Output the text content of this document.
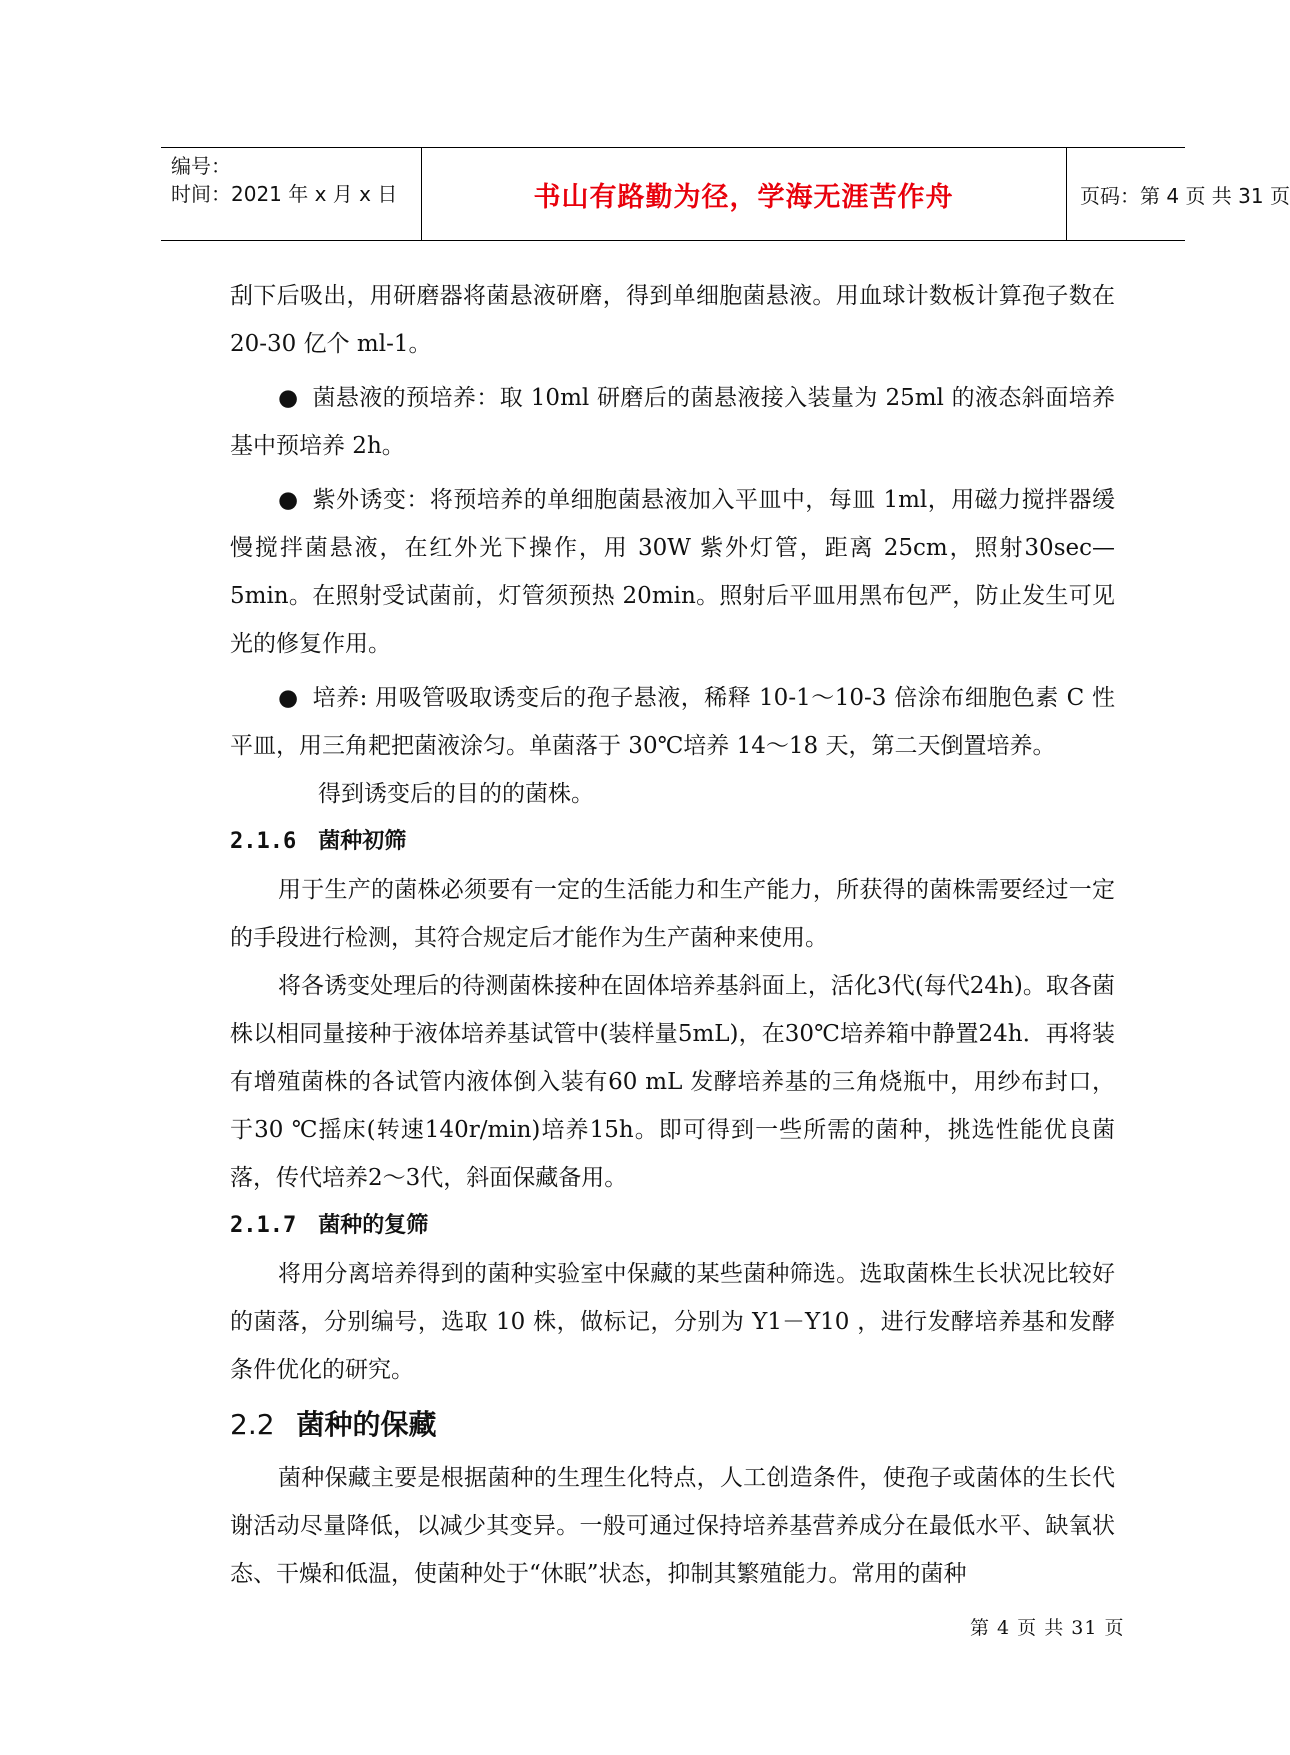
编号：
时间：2021 年 x 月 x 日	书山有路勤为径，学海无涯苦作舟	页码：第 4 页 共 31 页

刮下后吸出，用研磨器将菌悬液研磨，得到单细胞菌悬液。用血球计数板计算孢子数在 20-30 亿个 ml-1。

● 菌悬液的预培养：取 10ml 研磨后的菌悬液接入装量为 25ml 的液态斜面培养基中预培养 2h。

● 紫外诱变：将预培养的单细胞菌悬液加入平皿中，每皿 1ml，用磁力搅拌器缓慢搅拌菌悬液，在红外光下操作，用 30W 紫外灯管，距离 25cm，照射30sec—5min。在照射受试菌前，灯管须预热 20min。照射后平皿用黑布包严，防止发生可见光的修复作用。

● 培养: 用吸管吸取诱变后的孢子悬液，稀释 10-1～10-3 倍涂布细胞色素 C 性平皿，用三角耙把菌液涂匀。单菌落于 30℃培养 14～18 天，第二天倒置培养。

得到诱变后的目的的菌株。

2.1.6 菌种初筛

用于生产的菌株必须要有一定的生活能力和生产能力，所获得的菌株需要经过一定的手段进行检测，其符合规定后才能作为生产菌种来使用。

将各诱变处理后的待测菌株接种在固体培养基斜面上，活化3代(每代24h)。取各菌株以相同量接种于液体培养基试管中(装样量5mL)，在30℃培养箱中静置24h．再将装有增殖菌株的各试管内液体倒入装有60 mL 发酵培养基的三角烧瓶中，用纱布封口，于30 ℃摇床(转速140r/min)培养15h。即可得到一些所需的菌种，挑选性能优良菌落，传代培养2～3代，斜面保藏备用。

2.1.7 菌种的复筛

将用分离培养得到的菌种实验室中保藏的某些菌种筛选。选取菌株生长状况比较好的菌落，分别编号，选取 10 株，做标记，分别为 Y1－Y10 ，进行发酵培养基和发酵条件优化的研究。

2.2 菌种的保藏

菌种保藏主要是根据菌种的生理生化特点，人工创造条件，使孢子或菌体的生长代谢活动尽量降低，以减少其变异。一般可通过保持培养基营养成分在最低水平、缺氧状态、干燥和低温，使菌种处于“休眠”状态，抑制其繁殖能力。常用的菌种

第 4 页 共 31 页
